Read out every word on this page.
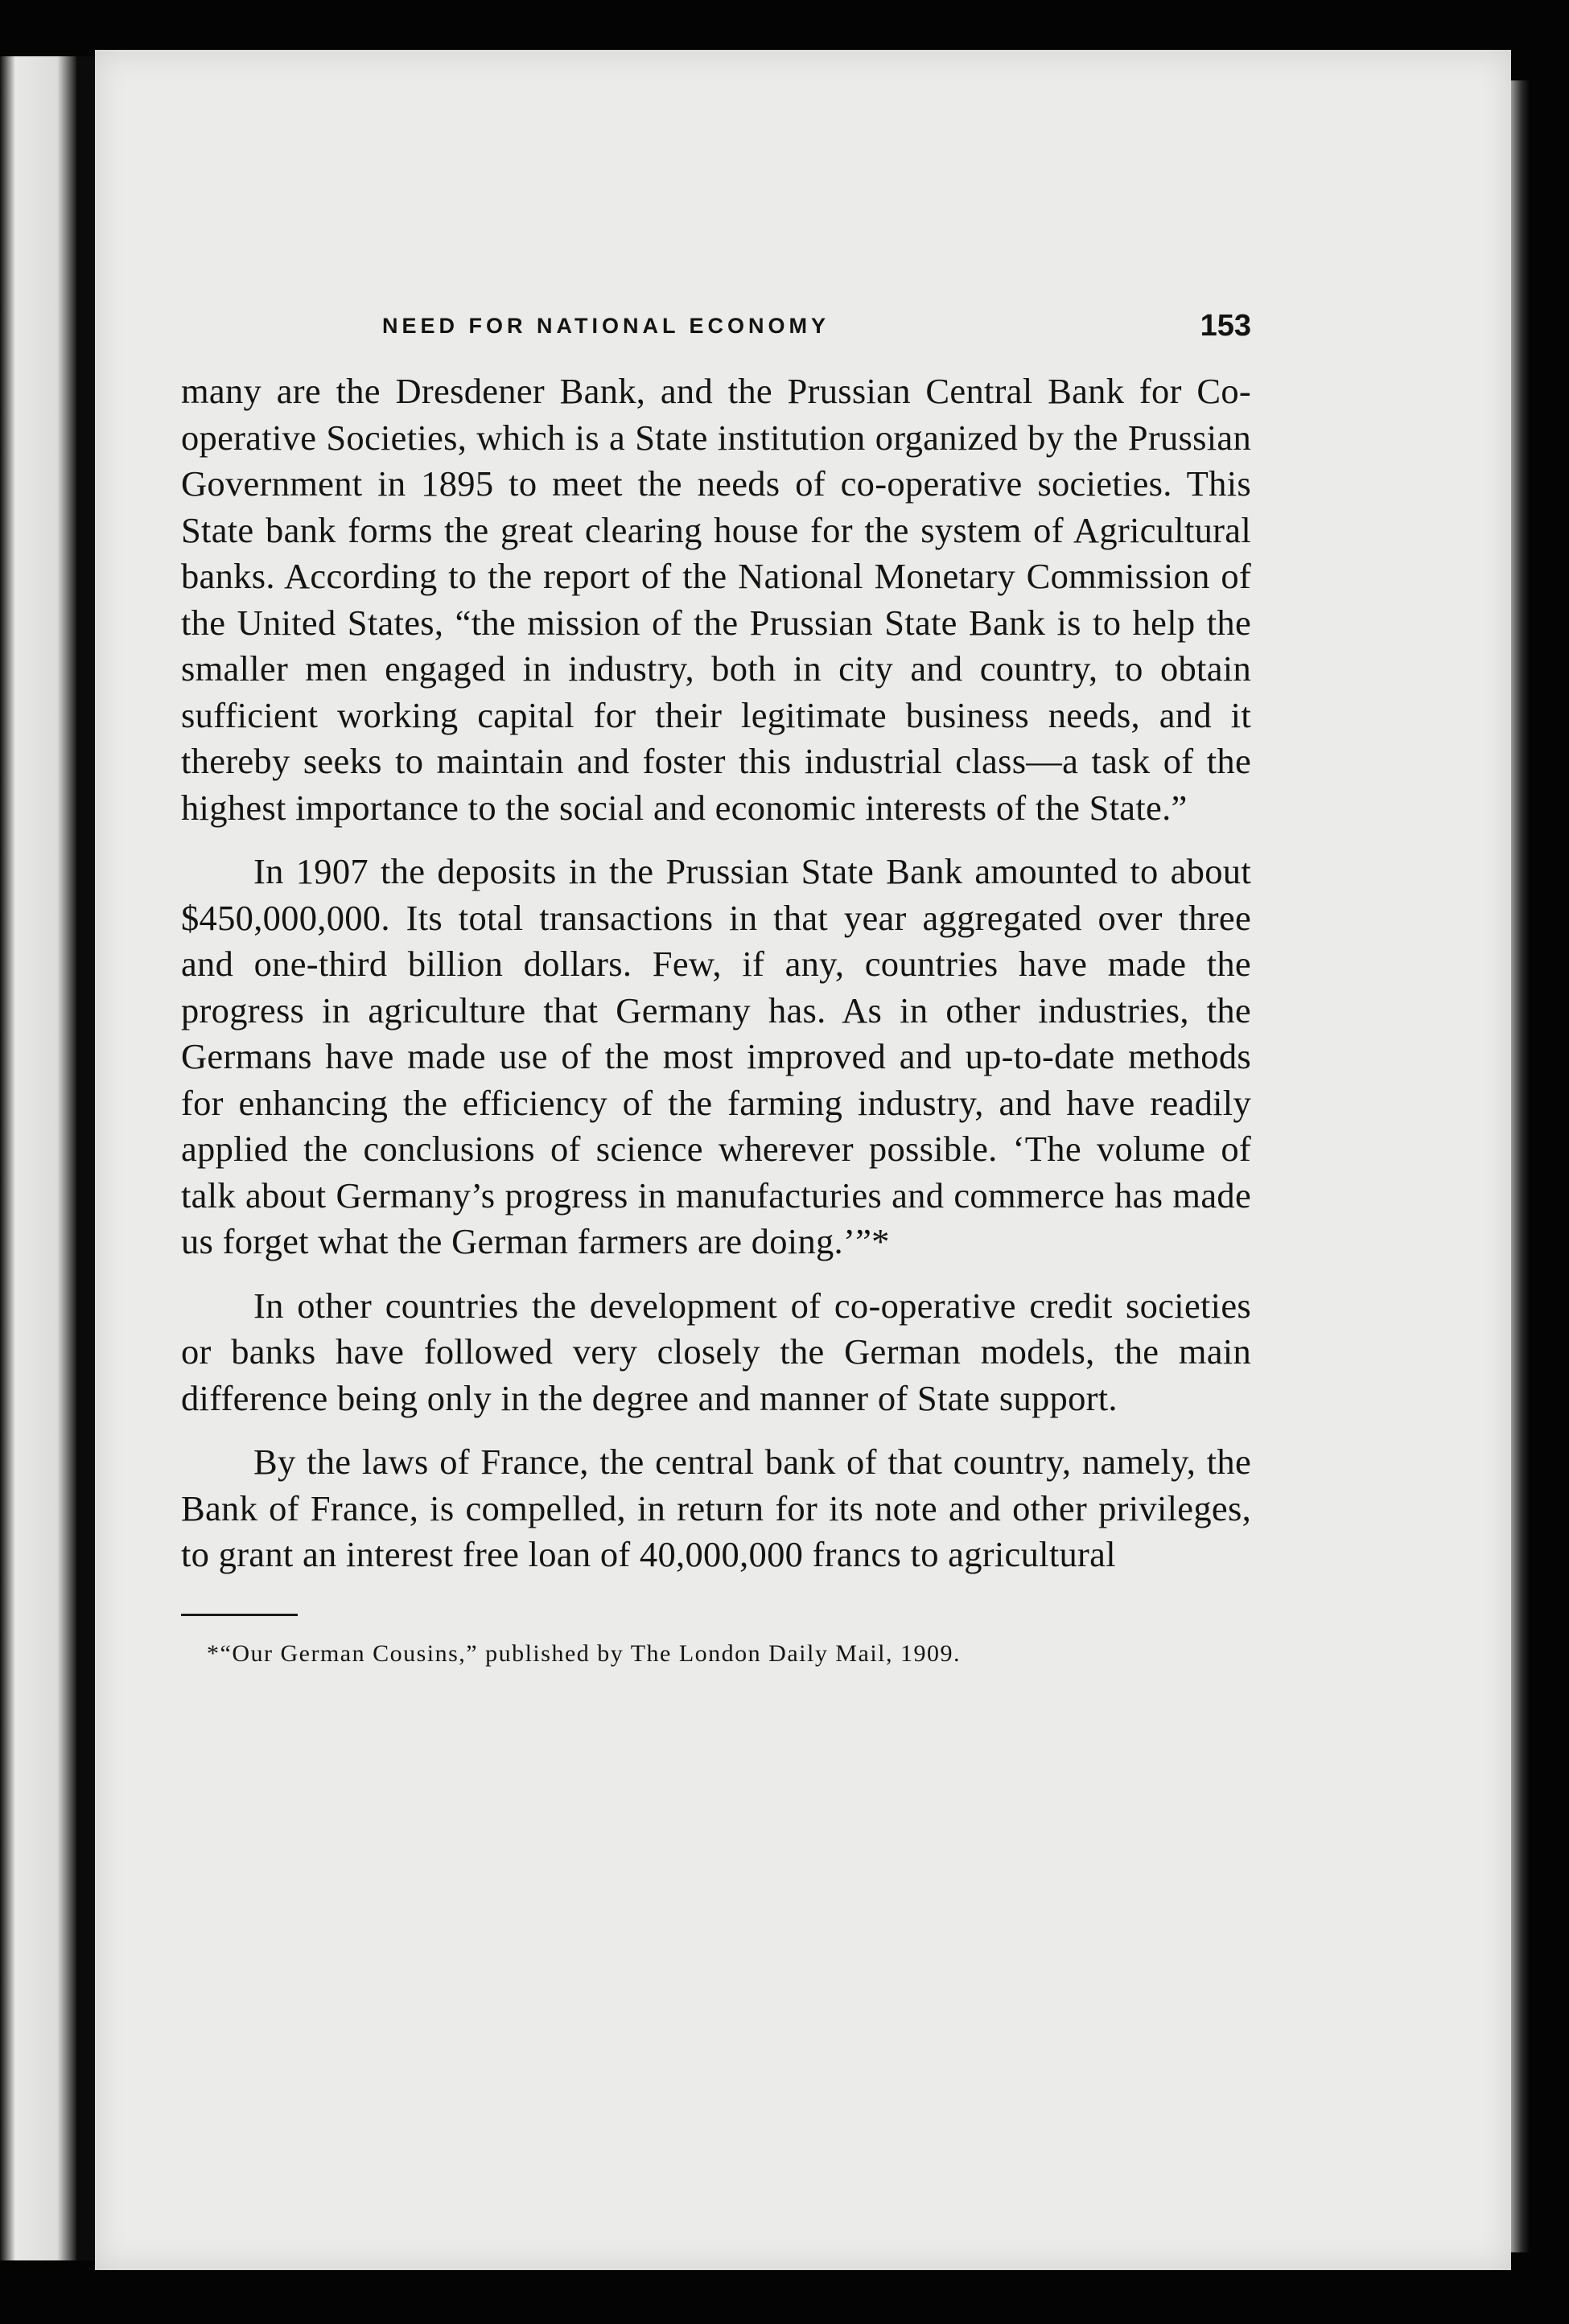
NEED FOR NATIONAL ECONOMY	153

many are the Dresdener Bank, and the Prussian Central Bank for Co-operative Societies, which is a State institution organized by the Prussian Government in 1895 to meet the needs of co-operative societies. This State bank forms the great clearing house for the system of Agricultural banks. According to the report of the National Monetary Commission of the United States, “the mission of the Prussian State Bank is to help the smaller men engaged in industry, both in city and country, to obtain sufficient working capital for their legitimate business needs, and it thereby seeks to maintain and foster this industrial class—a task of the highest importance to the social and economic interests of the State.”

In 1907 the deposits in the Prussian State Bank amounted to about $450,000,000. Its total transactions in that year aggregated over three and one-third billion dollars. Few, if any, countries have made the progress in agriculture that Germany has. As in other industries, the Germans have made use of the most improved and up-to-date methods for enhancing the efficiency of the farming industry, and have readily applied the conclusions of science wherever possible. ‘The volume of talk about Germany’s progress in manufacturies and commerce has made us forget what the German farmers are doing.’”*

In other countries the development of co-operative credit societies or banks have followed very closely the German models, the main difference being only in the degree and manner of State support.

By the laws of France, the central bank of that country, namely, the Bank of France, is compelled, in return for its note and other privileges, to grant an interest free loan of 40,000,000 francs to agricultural

*“Our German Cousins,” published by The London Daily Mail, 1909.
